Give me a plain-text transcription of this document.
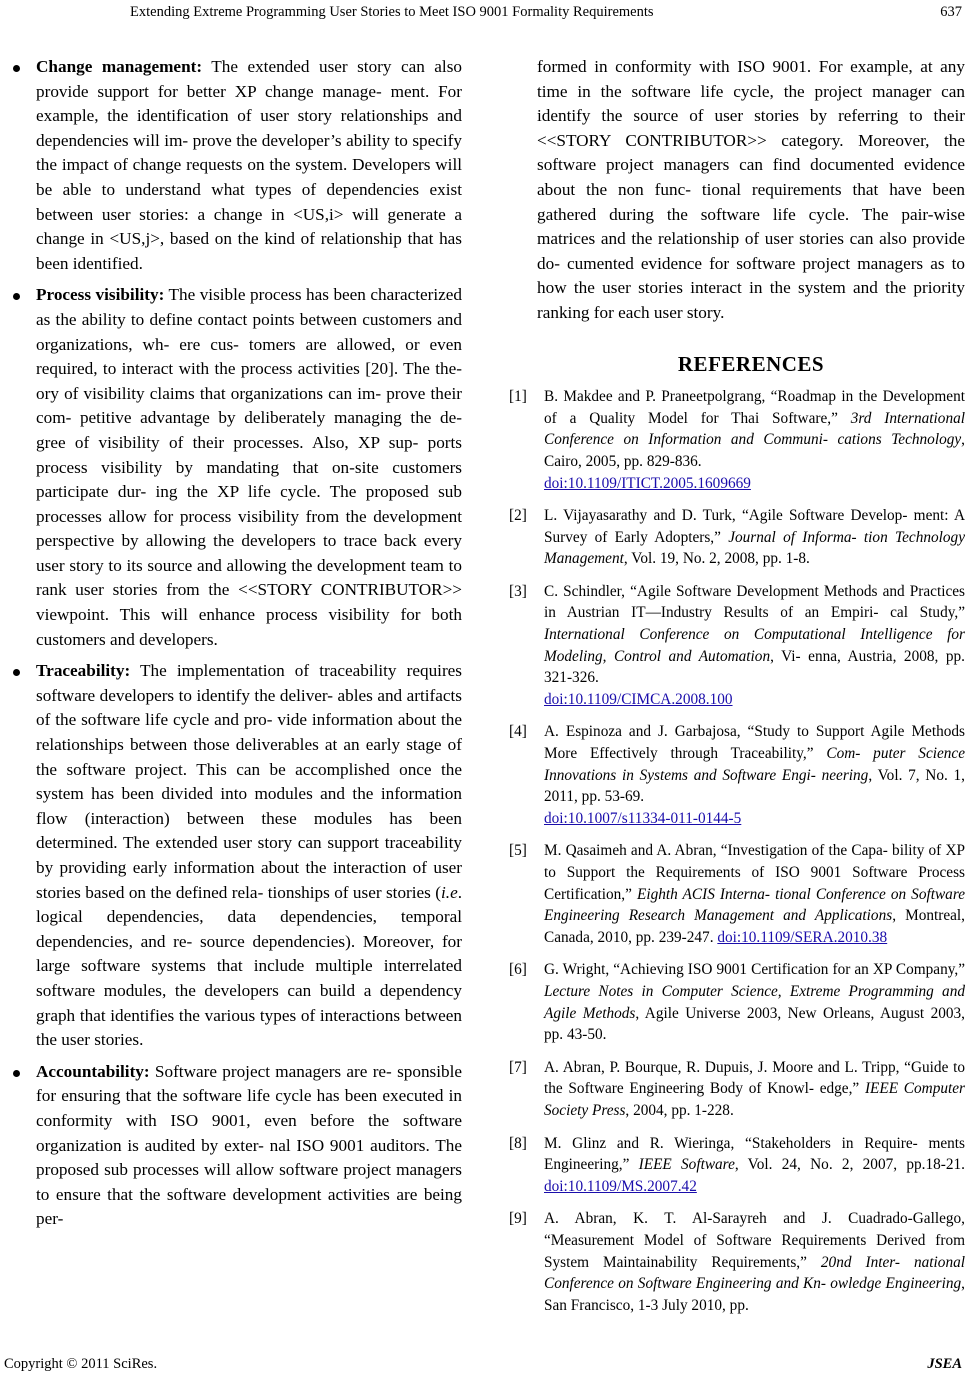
Extending Extreme Programming User Stories to Meet ISO 9001 Formality Requirements	637
Change management: The extended user story can also provide support for better XP change manage- ment. For example, the identification of user story relationships and dependencies will im- prove the developer’s ability to specify the impact of change requests on the system. Developers will be able to understand what types of dependencies exist between user stories: a change in <US,i> will generate a change in <US,j>, based on the kind of relationship that has been identified.
Process visibility: The visible process has been characterized as the ability to define contact points between customers and organizations, wh- ere cus- tomers are allowed, or even required, to interact with the process activities [20]. The the- ory of visibility claims that organizations can im- prove their com- petitive advantage by deliberately managing the de- gree of visibility of their processes. Also, XP sup- ports process visibility by mandating that on-site customers participate dur- ing the XP life cycle. The proposed sub processes allow for process visibility from the development perspective by allowing the developers to trace back every user story to its source and allowing the development team to rank user stories from the <<STORY CONTRIBUTOR>> viewpoint. This will enhance process visibility for both customers and developers.
Traceability: The implementation of traceability requires software developers to identify the deliver- ables and artifacts of the software life cycle and pro- vide information about the relationships between those deliverables at an early stage of the software project. This can be accomplished once the system has been divided into modules and the information flow (interaction) between these modules has been determined. The extended user story can support traceability by providing early information about the interaction of user stories based on the defined rela- tionships of user stories (i.e. logical dependencies, data dependencies, temporal dependencies, and re- source dependencies). Moreover, for large software systems that include multiple interrelated software modules, the developers can build a dependency graph that identifies the various types of interactions between the user stories.
Accountability: Software project managers are re- sponsible for ensuring that the software life cycle has been executed in conformity with ISO 9001, even before the software organization is audited by exter- nal ISO 9001 auditors. The proposed sub processes will allow software project managers to ensure that the software development activities are being per-

formed in conformity with ISO 9001. For example, at any time in the software life cycle, the project manager can identify the source of user stories by referring to their <<STORY CONTRIBUTOR>> category. Moreover, the software project managers can find documented evidence about the non func- tional requirements that have been gathered during the software life cycle. The pair-wise matrices and the relationship of user stories can also provide do- cumented evidence for software project managers as to how the user stories interact in the system and the priority ranking for each user story.

REFERENCES
[1] B. Makdee and P. Praneetpolgrang, “Roadmap in the Development of a Quality Model for Thai Software,” 3rd International Conference on Information and Communi- cations Technology, Cairo, 2005, pp. 829-836.
doi:10.1109/ITICT.2005.1609669
[2] L. Vijayasarathy and D. Turk, “Agile Software Develop- ment: A Survey of Early Adopters,” Journal of Informa- tion Technology Management, Vol. 19, No. 2, 2008, pp. 1-8.
[3] C. Schindler, “Agile Software Development Methods and Practices in Austrian IT—Industry Results of an Empiri- cal Study,” International Conference on Computational Intelligence for Modeling, Control and Automation, Vi- enna, Austria, 2008, pp. 321-326.
doi:10.1109/CIMCA.2008.100
[4] A. Espinoza and J. Garbajosa, “Study to Support Agile Methods More Effectively through Traceability,” Com- puter Science Innovations in Systems and Software Engi- neering, Vol. 7, No. 1, 2011, pp. 53-69.
doi:10.1007/s11334-011-0144-5
[5] M. Qasaimeh and A. Abran, “Investigation of the Capa- bility of XP to Support the Requirements of ISO 9001 Software Process Certification,” Eighth ACIS Interna- tional Conference on Software Engineering Research Management and Applications, Montreal, Canada, 2010, pp. 239-247. doi:10.1109/SERA.2010.38
[6] G. Wright, “Achieving ISO 9001 Certification for an XP Company,” Lecture Notes in Computer Science, Extreme Programming and Agile Methods, Agile Universe 2003, New Orleans, August 2003, pp. 43-50.
[7] A. Abran, P. Bourque, R. Dupuis, J. Moore and L. Tripp, “Guide to the Software Engineering Body of Knowl- edge,” IEEE Computer Society Press, 2004, pp. 1-228.
[8] M. Glinz and R. Wieringa, “Stakeholders in Require- ments Engineering,” IEEE Software, Vol. 24, No. 2, 2007, pp.18-21. doi:10.1109/MS.2007.42
[9] A. Abran, K. T. Al-Sarayreh and J. Cuadrado-Gallego, “Measurement Model of Software Requirements Derived from System Maintainability Requirements,” 20nd Inter- national Conference on Software Engineering and Kn- owledge Engineering, San Francisco, 1-3 July 2010, pp.
Copyright © 2011 SciRes.	JSEA
